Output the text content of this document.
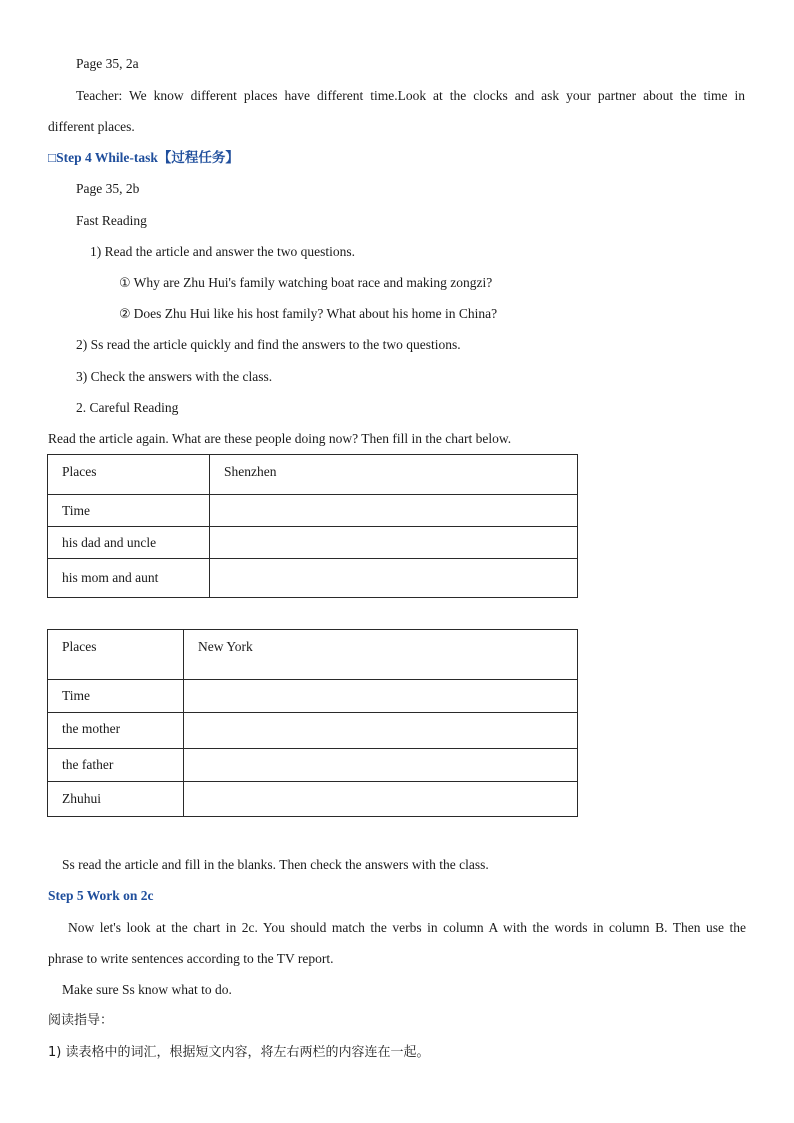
Page 35, 2a
Teacher: We know different places have different time.Look at the clocks and ask your partner about the time in
different places.
□Step 4 While-task【过程任务】
Page 35, 2b
Fast Reading
1) Read the article and answer the two questions.
① Why are Zhu Hui's family watching boat race and making zongzi?
② Does Zhu Hui like his host family? What about his home in China?
2) Ss read the article quickly and find the answers to the two questions.
3) Check the answers with the class.
2. Careful Reading
Read the article again. What are these people doing now? Then fill in the chart below.
Places	Shenzhen
Time	
his dad and uncle	
his mom and aunt	
Places	New York
Time	
the mother	
the father	
Zhuhui	
Ss read the article and fill in the blanks. Then check the answers with the class.
Step 5 Work on 2c
Now let's look at the chart in 2c. You should match the verbs in column A with the words in column B. Then use the
phrase to write sentences according to the TV report.
Make sure Ss know what to do.
阅读指导：
1) 读表格中的词汇，根据短文内容，将左右两栏的内容连在一起。
